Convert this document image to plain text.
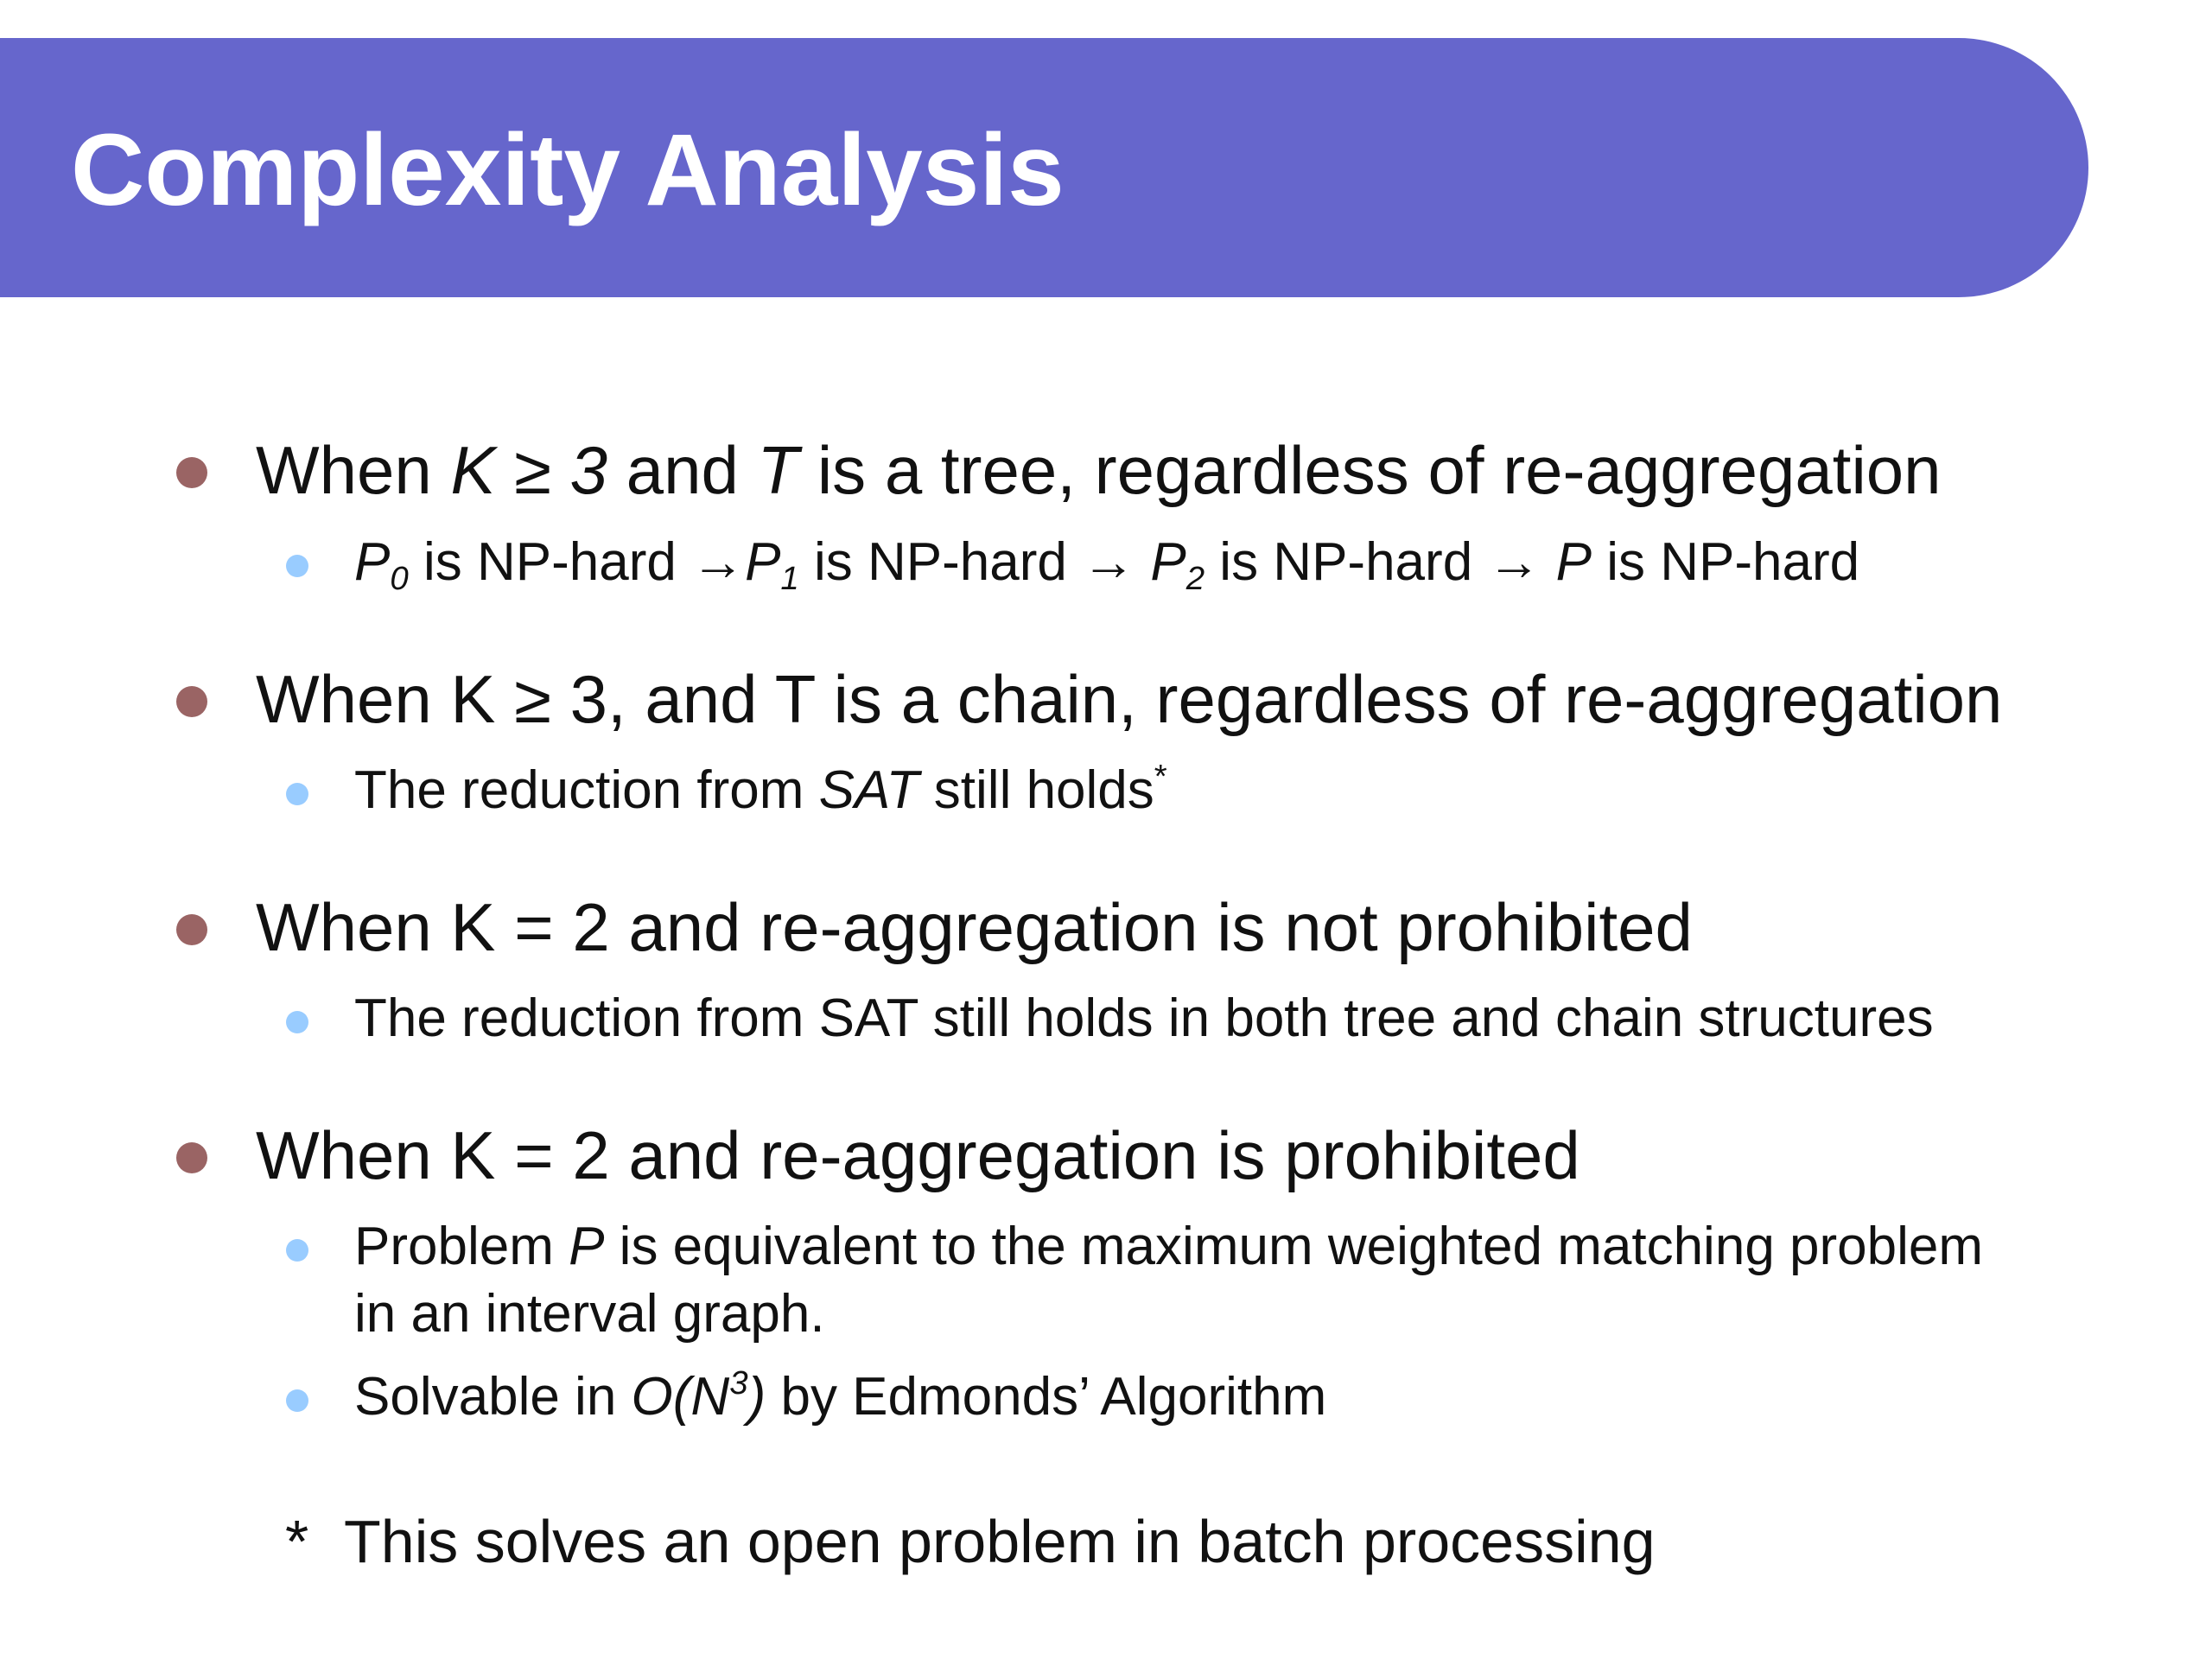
Complexity Analysis
When K ≥ 3 and T is a tree, regardless of re-aggregation
$P_0$ is NP-hard $\to P_1$ is NP-hard → $P_2$ is NP-hard → P is NP-hard
When K ≥ 3, and T is a chain, regardless of re-aggregation
The reduction from SAT still holds*
When K = 2 and re-aggregation is not prohibited
The reduction from SAT still holds in both tree and chain structures
When K = 2 and re-aggregation is prohibited
Problem P is equivalent to the maximum weighted matching problem
in an interval graph.
Solvable in $O(N^3)$ by Edmonds’ Algorithm
* This solves an open problem in batch processing
